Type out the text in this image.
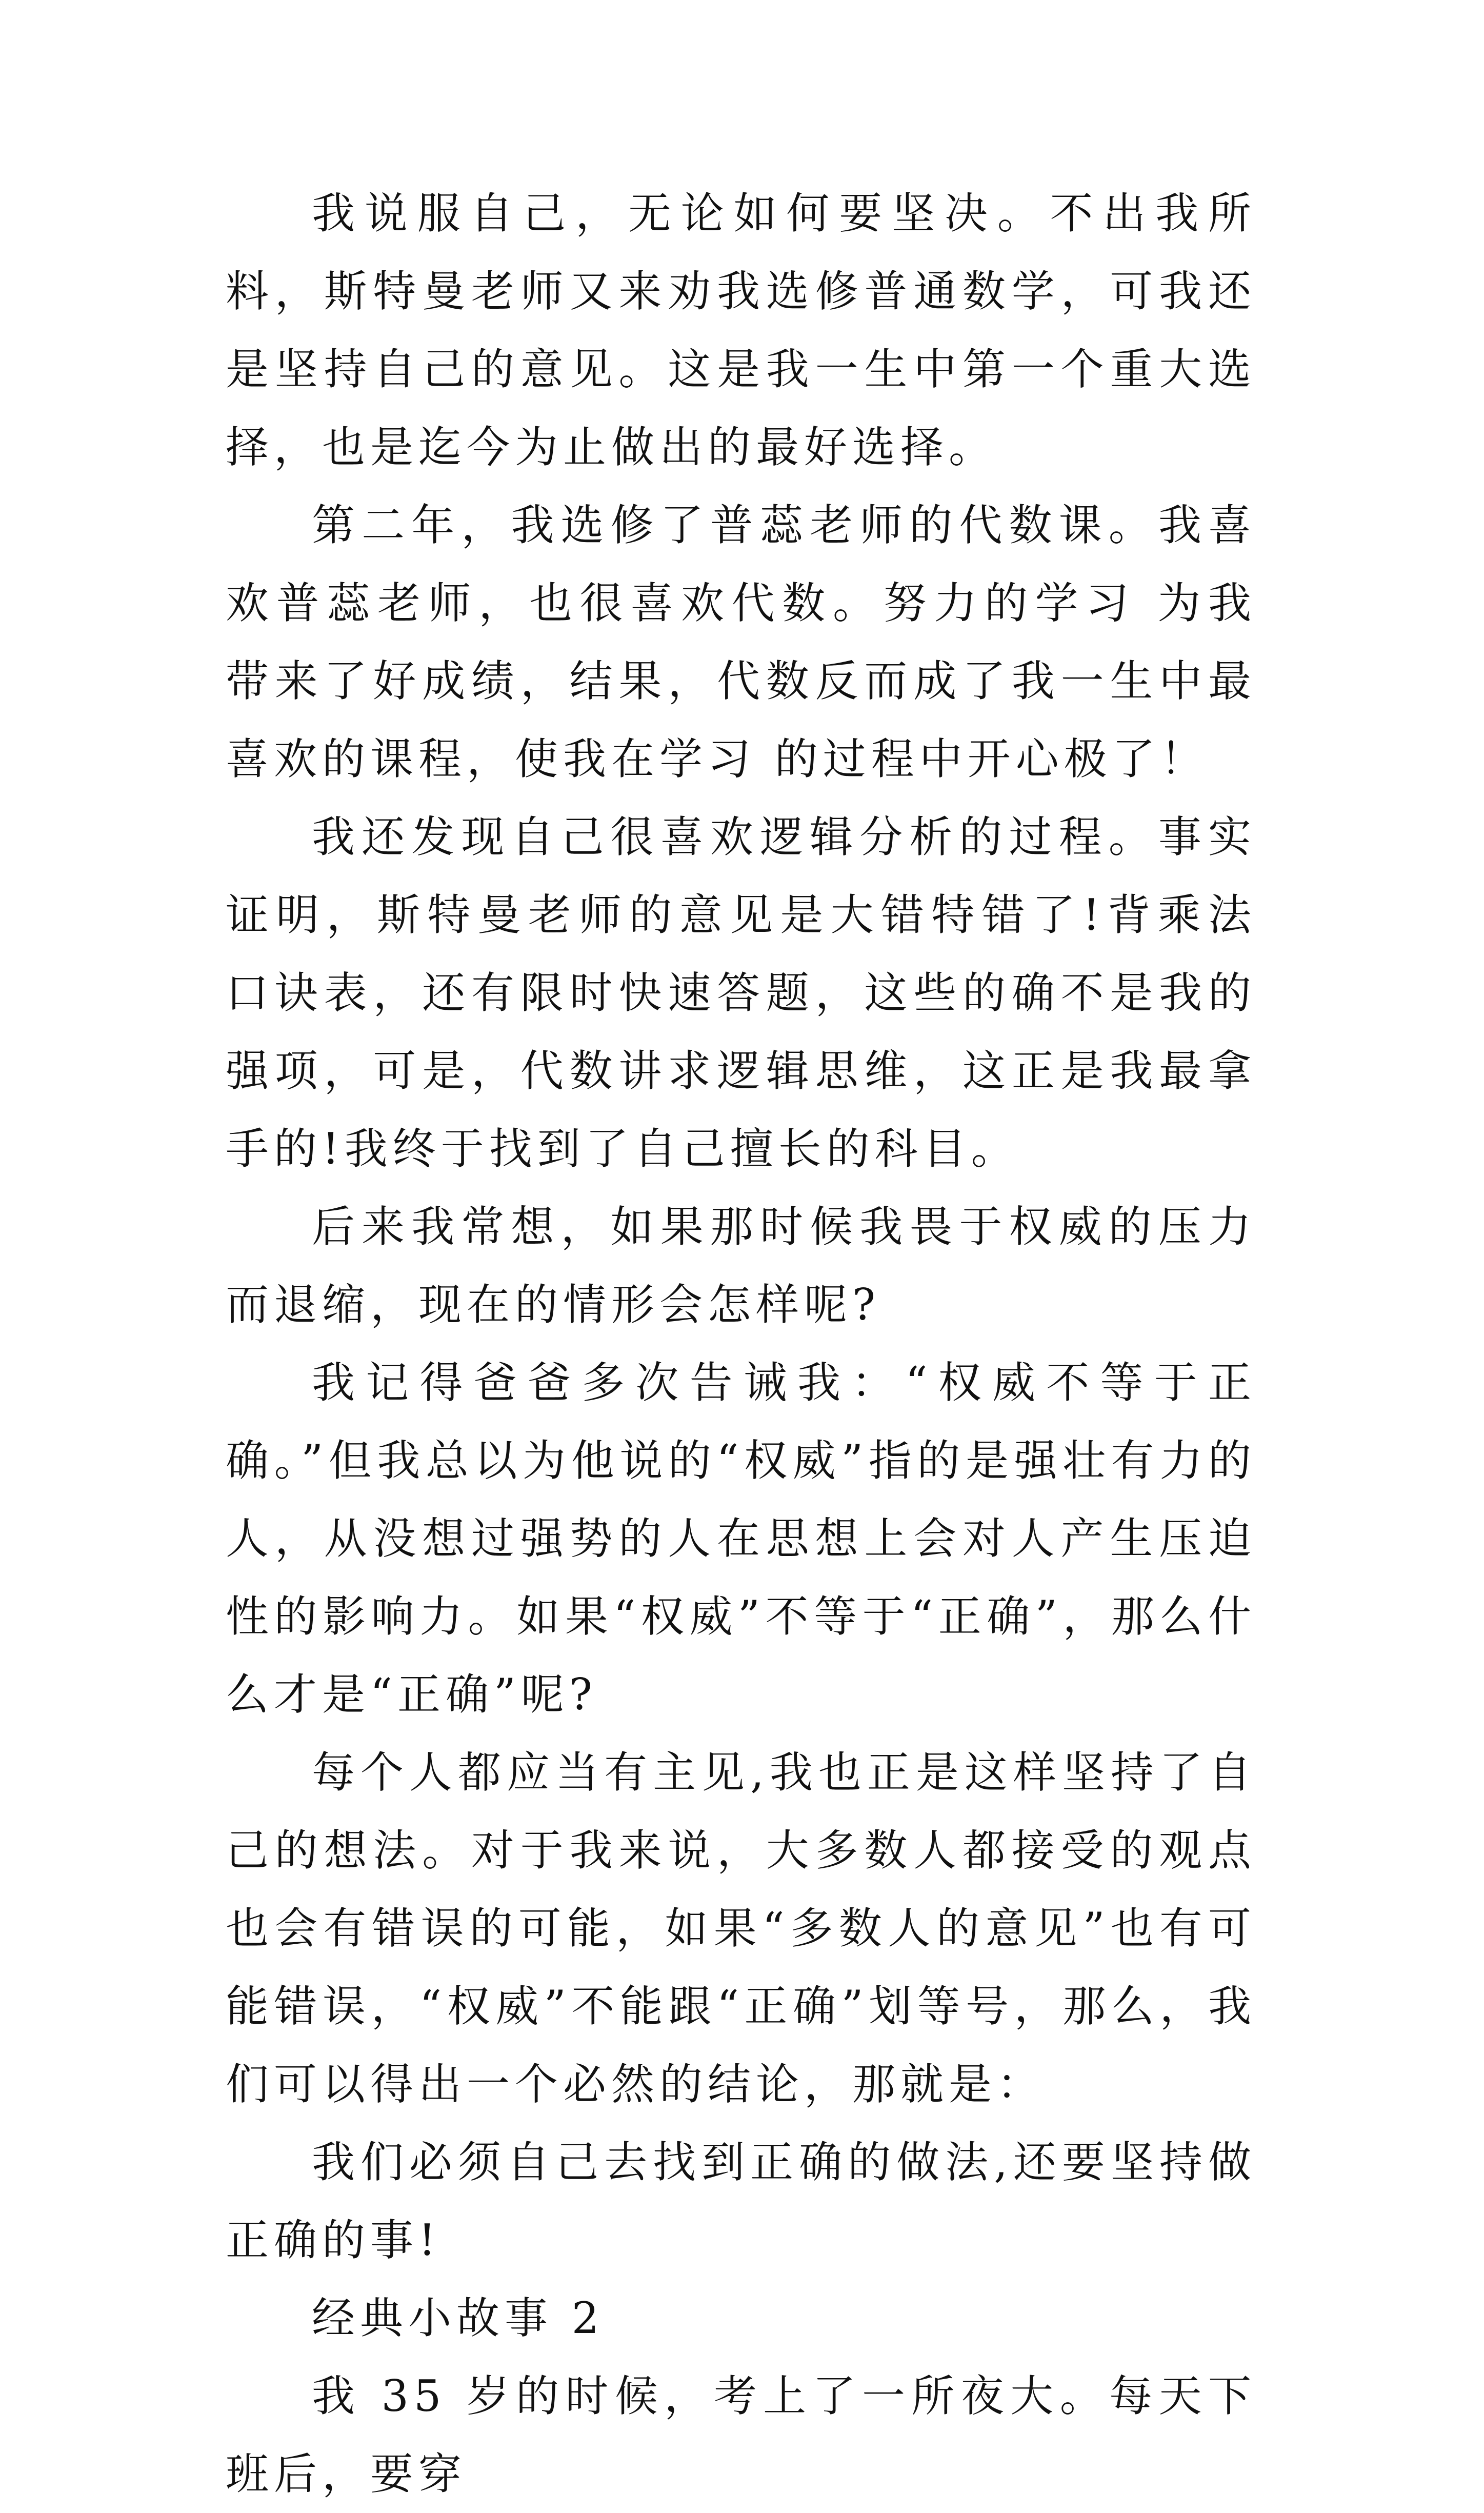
我说服自己，无论如何要坚决。不出我所料，斯特曼老师又来劝我选修普通数学，可我还是坚持自己的意见。这是我一生中第一个重大选择，也是迄今为止做出的最好选择。

第二年，我选修了普蕊老师的代数课。我喜欢普蕊老师，也很喜欢代数。努力的学习 为我带来了好成绩，结果，代数反而成了我一生中最喜欢的课程，使我在学习 的过程中开心极了！

我还发现自己很喜欢逻辑分析的过程。事实证明，斯特曼老师的意见是大错特错了!背乘法口诀表，还有限时快速答题，这些的确不是我的强项，可是，代数讲求逻辑思维，这正是我最拿手的!我终于找到了自己擅长的科目。

后来我常想，如果那时候我畏于权威的压力而退缩，现在的情形会怎样呢?

我记得爸爸多次告诫我：“权威不等于正确。”但我总以为他说的“权威”指的是强壮有力的人，从没想过强势的人在思想上会对人产生压迫性的影响力。如果“权威”不等于“正确”，那么什么才是“正确”呢?

每个人都应当有主见,我也正是这样坚持了自己的想法。对于我来说，大多数人都接受的观点也会有错误的可能，如果“多数人的意见”也有可能错误，“权威”不能跟“正确”划等号，那么，我们可以得出一个必然的结论，那就是：

我们必须自己去找到正确的做法,还要坚持做正确的事!

经典小故事 2

我 35 岁的时候，考上了一所夜大。每天下班后，要穿
